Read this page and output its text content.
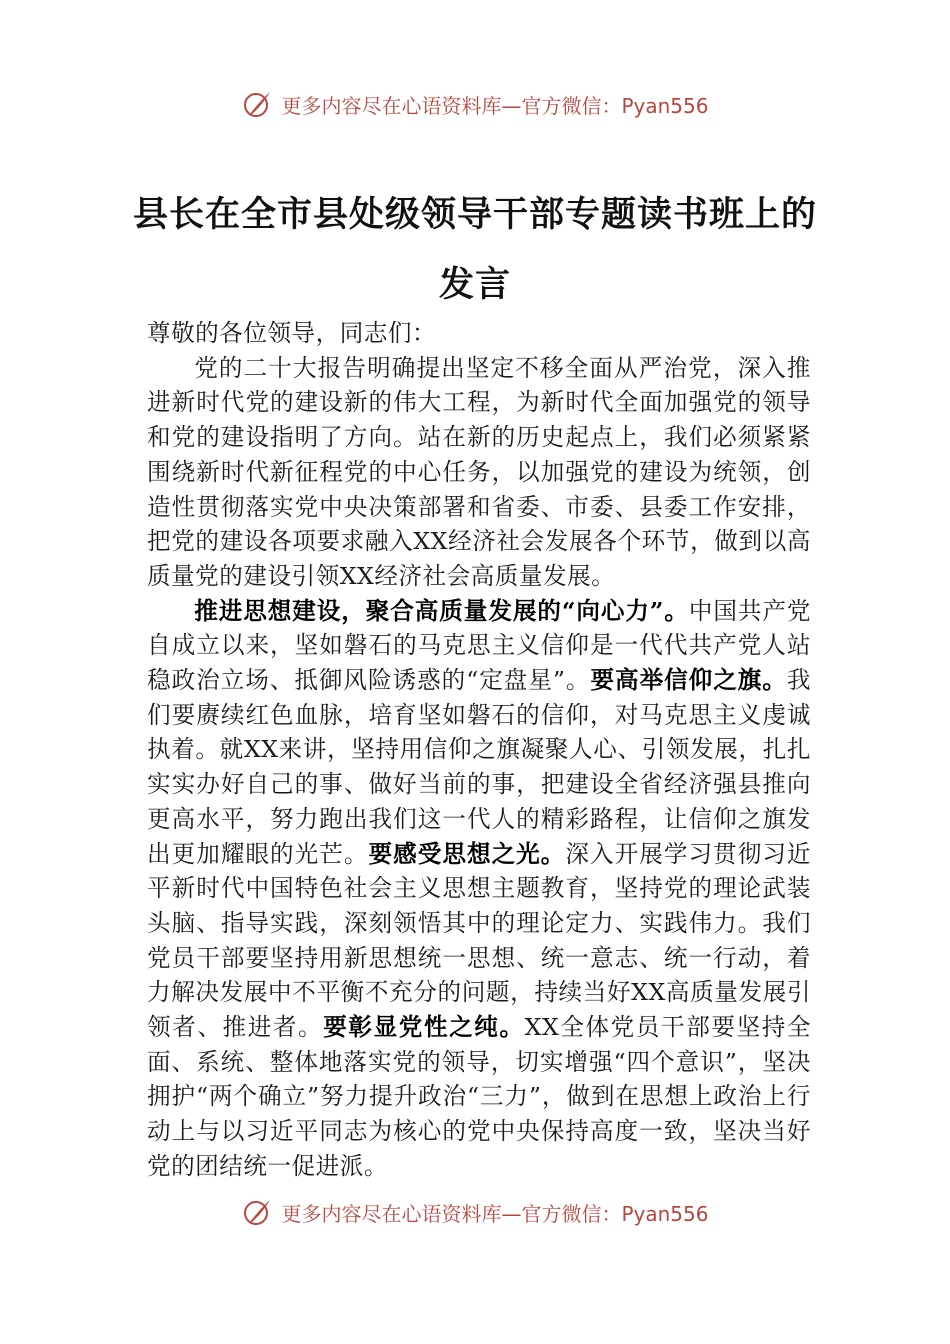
更多内容尽在心语资料库—官方微信：Pyan556
县长在全市县处级领导干部专题读书班上的发言

尊敬的各位领导，同志们：

党的二十大报告明确提出坚定不移全面从严治党，深入推进新时代党的建设新的伟大工程，为新时代全面加强党的领导和党的建设指明了方向。站在新的历史起点上，我们必须紧紧围绕新时代新征程党的中心任务，以加强党的建设为统领，创造性贯彻落实党中央决策部署和省委、市委、县委工作安排，把党的建设各项要求融入XX经济社会发展各个环节，做到以高质量党的建设引领XX经济社会高质量发展。

推进思想建设，聚合高质量发展的“向心力”。中国共产党自成立以来，坚如磐石的马克思主义信仰是一代代共产党人站稳政治立场、抵御风险诱惑的“定盘星”。要高举信仰之旗。我们要赓续红色血脉，培育坚如磐石的信仰，对马克思主义虔诚执着。就XX来讲，坚持用信仰之旗凝聚人心、引领发展，扎扎实实办好自己的事、做好当前的事，把建设全省经济强县推向更高水平，努力跑出我们这一代人的精彩路程，让信仰之旗发出更加耀眼的光芒。要感受思想之光。深入开展学习贯彻习近平新时代中国特色社会主义思想主题教育，坚持党的理论武装头脑、指导实践，深刻领悟其中的理论定力、实践伟力。我们党员干部要坚持用新思想统一思想、统一意志、统一行动，着力解决发展中不平衡不充分的问题，持续当好XX高质量发展引领者、推进者。要彰显党性之纯。XX全体党员干部要坚持全面、系统、整体地落实党的领导，切实增强“四个意识”，坚决拥护“两个确立”努力提升政治“三力”，做到在思想上政治上行动上与以习近平同志为核心的党中央保持高度一致，坚决当好党的团结统一促进派。

更多内容尽在心语资料库—官方微信：Pyan556
